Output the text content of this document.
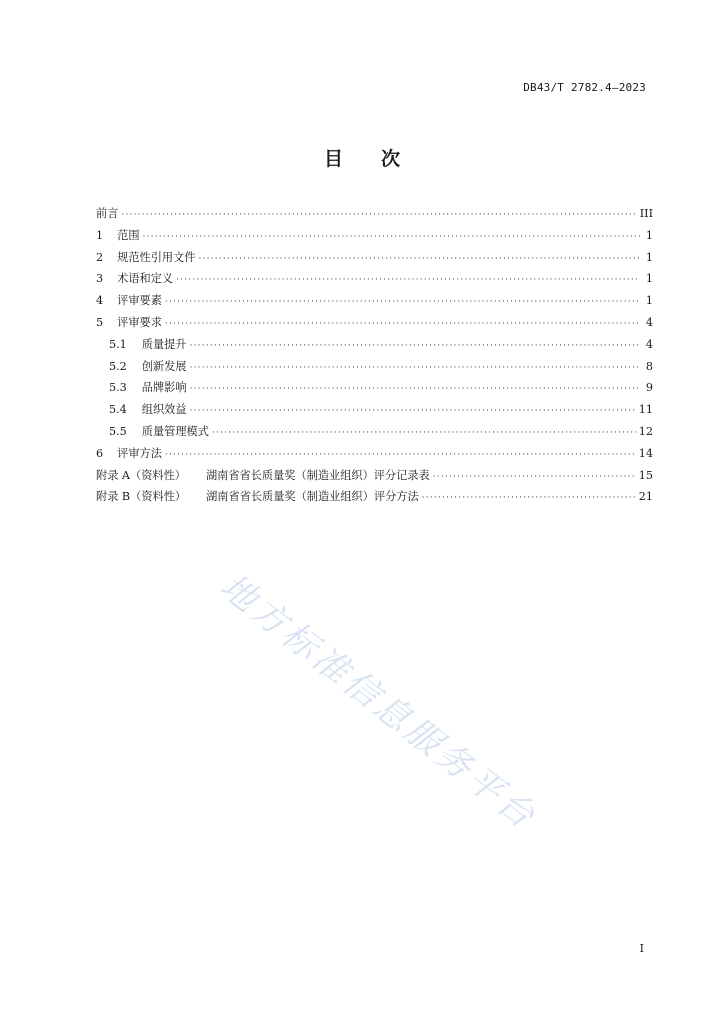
DB43/T 2782.4—2023
目 次
前言 ·····	III
1 范围 ·····	1
2 规范性引用文件 ·····	1
3 术语和定义 ·····	1
4 评审要素 ·····	1
5 评审要求 ·····	4
5.1 质量提升 ·····	4
5.2 创新发展 ·····	8
5.3 品牌影响 ·····	9
5.4 组织效益 ·····	11
5.5 质量管理模式 ·····	12
6 评审方法 ·····	14
附录 A（资料性） 湖南省省长质量奖（制造业组织）评分记录表 ·····	15
附录 B（资料性） 湖南省省长质量奖（制造业组织）评分方法 ·····	21
地方标准信息服务平台
I
